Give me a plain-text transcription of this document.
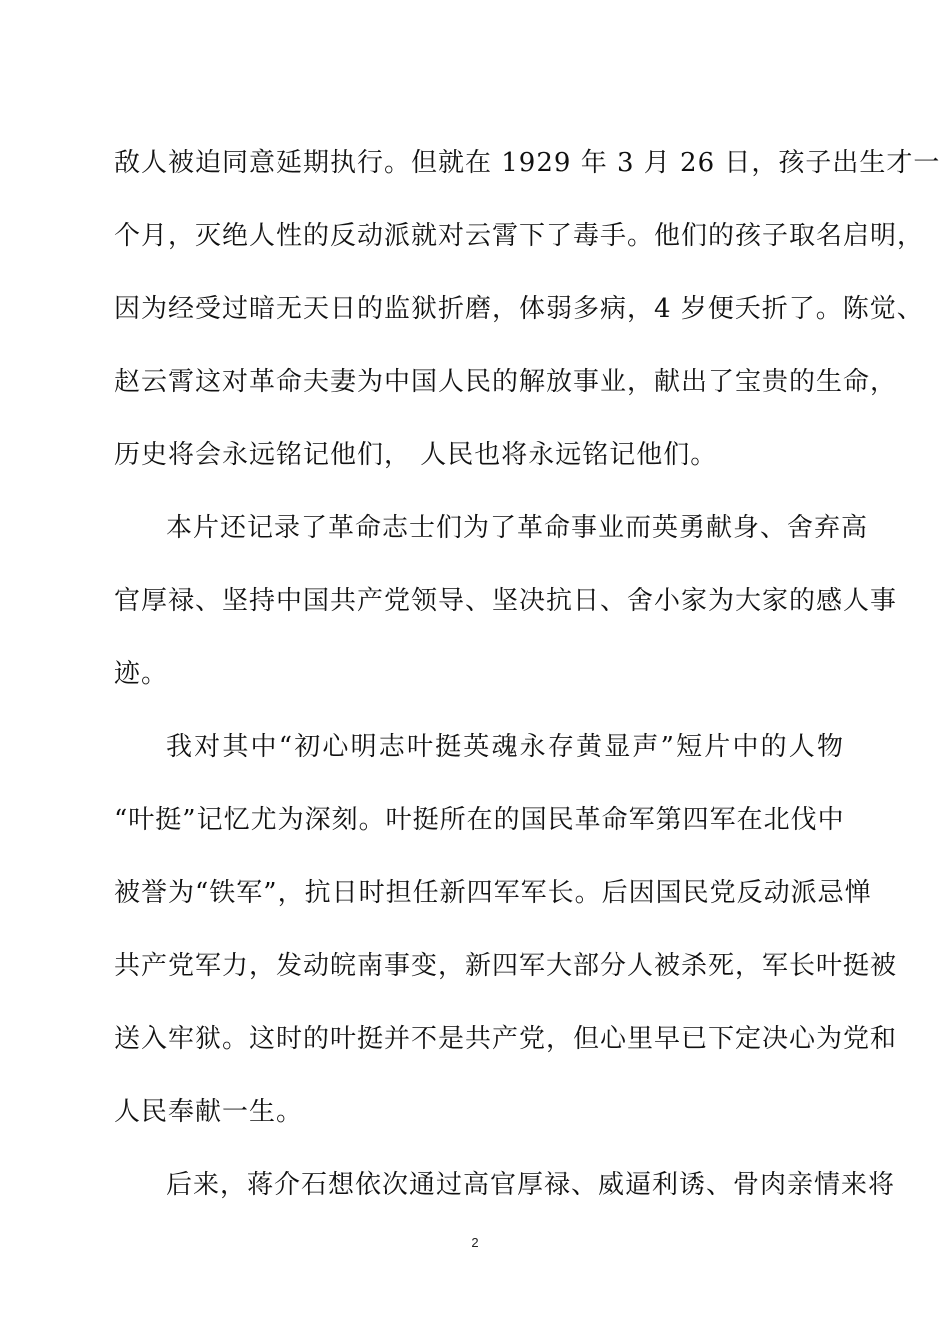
敌人被迫同意延期执行。但就在 1929 年 3 月 26 日，孩子出生才一
个月，灭绝人性的反动派就对云霄下了毒手。他们的孩子取名启明，
因为经受过暗无天日的监狱折磨，体弱多病，4 岁便夭折了。陈觉、
赵云霄这对革命夫妻为中国人民的解放事业，献出了宝贵的生命，
历史将会永远铭记他们， 人民也将永远铭记他们。
本片还记录了革命志士们为了革命事业而英勇献身、舍弃高
官厚禄、坚持中国共产党领导、坚决抗日、舍小家为大家的感人事
迹。
我对其中“初心明志叶挺英魂永存黄显声”短片中的人物
“叶挺”记忆尤为深刻。叶挺所在的国民革命军第四军在北伐中
被誉为“铁军”，抗日时担任新四军军长。后因国民党反动派忌惮
共产党军力，发动皖南事变，新四军大部分人被杀死，军长叶挺被
送入牢狱。这时的叶挺并不是共产党，但心里早已下定决心为党和
人民奉献一生。
后来，蒋介石想依次通过高官厚禄、威逼利诱、骨肉亲情来将
2
